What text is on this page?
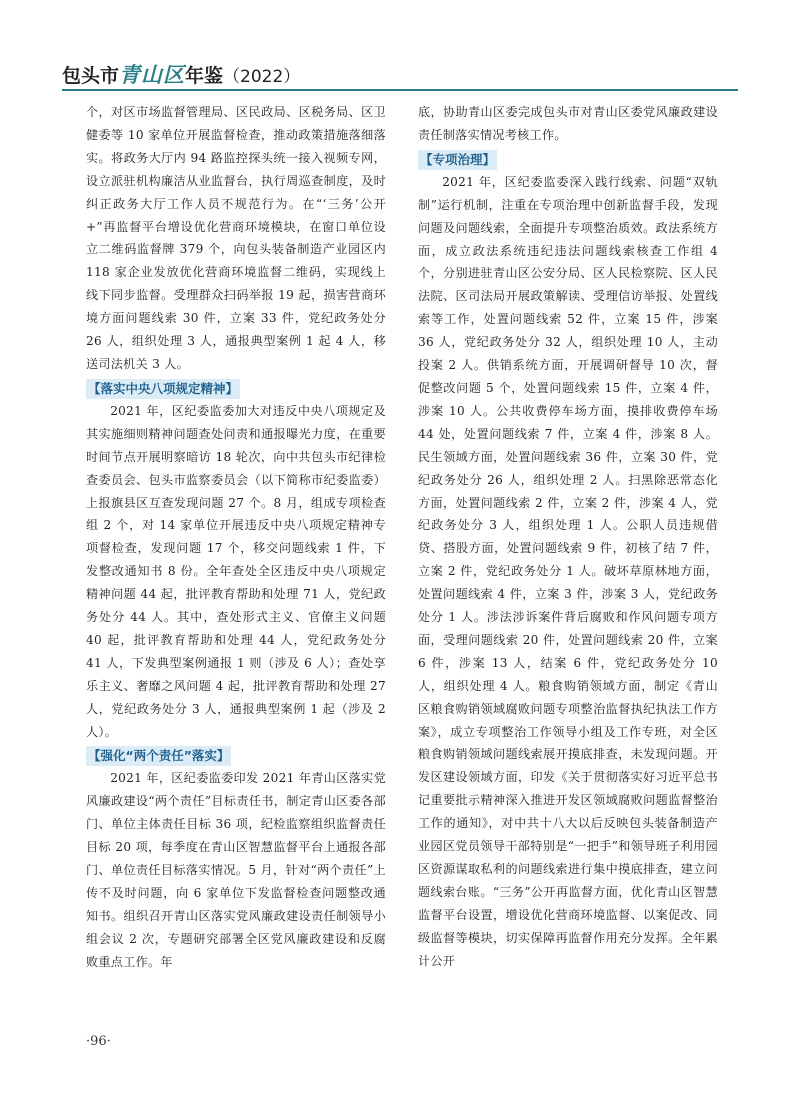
包头市青山区年鉴（2022）

个，对区市场监督管理局、区民政局、区税务局、区卫健委等 10 家单位开展监督检查，推动政策措施落细落实。将政务大厅内 94 路监控探头统一接入视频专网，设立派驻机构廉洁从业监督台，执行周巡查制度，及时纠正政务大厅工作人员不规范行为。在“‘三务’公开 +”再监督平台增设优化营商环境模块，在窗口单位设立二维码监督牌 379 个，向包头装备制造产业园区内 118 家企业发放优化营商环境监督二维码，实现线上线下同步监督。受理群众扫码举报 19 起，损害营商环境方面问题线索 30 件，立案 33 件，党纪政务处分 26 人，组织处理 3 人，通报典型案例 1 起 4 人，移送司法机关 3 人。

【落实中央八项规定精神】

2021 年，区纪委监委加大对违反中央八项规定及其实施细则精神问题查处问责和通报曝光力度，在重要时间节点开展明察暗访 18 轮次，向中共包头市纪律检查委员会、包头市监察委员会（以下简称市纪委监委）上报旗县区互查发现问题 27 个。8 月，组成专项检查组 2 个，对 14 家单位开展违反中央八项规定精神专项督检查，发现问题 17 个，移交问题线索 1 件，下发整改通知书 8 份。全年查处全区违反中央八项规定精神问题 44 起，批评教育帮助和处理 71 人，党纪政务处分 44 人。其中，查处形式主义、官僚主义问题 40 起，批评教育帮助和处理 44 人，党纪政务处分 41 人，下发典型案例通报 1 则（涉及 6 人）；查处享乐主义、奢靡之风问题 4 起，批评教育帮助和处理 27 人，党纪政务处分 3 人，通报典型案例 1 起（涉及 2 人）。

【强化“两个责任”落实】

2021 年，区纪委监委印发 2021 年青山区落实党风廉政建设“两个责任”目标责任书，制定青山区委各部门、单位主体责任目标 36 项，纪检监察组织监督责任目标 20 项，每季度在青山区智慧监督平台上通报各部门、单位责任目标落实情况。5 月，针对“两个责任”上传不及时问题，向 6 家单位下发监督检查问题整改通知书。组织召开青山区落实党风廉政建设责任制领导小组会议 2 次，专题研究部署全区党风廉政建设和反腐败重点工作。年

底，协助青山区委完成包头市对青山区委党风廉政建设责任制落实情况考核工作。

【专项治理】

2021 年，区纪委监委深入践行线索、问题“双轨制”运行机制，注重在专项治理中创新监督手段，发现问题及问题线索，全面提升专项整治质效。政法系统方面，成立政法系统违纪违法问题线索核查工作组 4 个，分别进驻青山区公安分局、区人民检察院、区人民法院、区司法局开展政策解读、受理信访举报、处置线索等工作，处置问题线索 52 件，立案 15 件，涉案 36 人，党纪政务处分 32 人，组织处理 10 人，主动投案 2 人。供销系统方面，开展调研督导 10 次，督促整改问题 5 个，处置问题线索 15 件，立案 4 件，涉案 10 人。公共收费停车场方面，摸排收费停车场 44 处，处置问题线索 7 件，立案 4 件，涉案 8 人。民生领域方面，处置问题线索 36 件，立案 30 件，党纪政务处分 26 人，组织处理 2 人。扫黑除恶常态化方面，处置问题线索 2 件，立案 2 件，涉案 4 人，党纪政务处分 3 人，组织处理 1 人。公职人员违规借贷、搭股方面，处置问题线索 9 件，初核了结 7 件，立案 2 件，党纪政务处分 1 人。破坏草原林地方面，处置问题线索 4 件，立案 3 件，涉案 3 人，党纪政务处分 1 人。涉法涉诉案件背后腐败和作风问题专项方面，受理问题线索 20 件，处置问题线索 20 件，立案 6 件，涉案 13 人，结案 6 件，党纪政务处分 10 人，组织处理 4 人。粮食购销领域方面，制定《青山区粮食购销领域腐败问题专项整治监督执纪执法工作方案》，成立专项整治工作领导小组及工作专班，对全区粮食购销领域问题线索展开摸底排查，未发现问题。开发区建设领域方面，印发《关于贯彻落实好习近平总书记重要批示精神深入推进开发区领域腐败问题监督整治工作的通知》，对中共十八大以后反映包头装备制造产业园区党员领导干部特别是“一把手”和领导班子利用园区资源谋取私利的问题线索进行集中摸底排查，建立问题线索台账。“三务”公开再监督方面，优化青山区智慧监督平台设置，增设优化营商环境监督、以案促改、同级监督等模块，切实保障再监督作用充分发挥。全年累计公开

·96·
